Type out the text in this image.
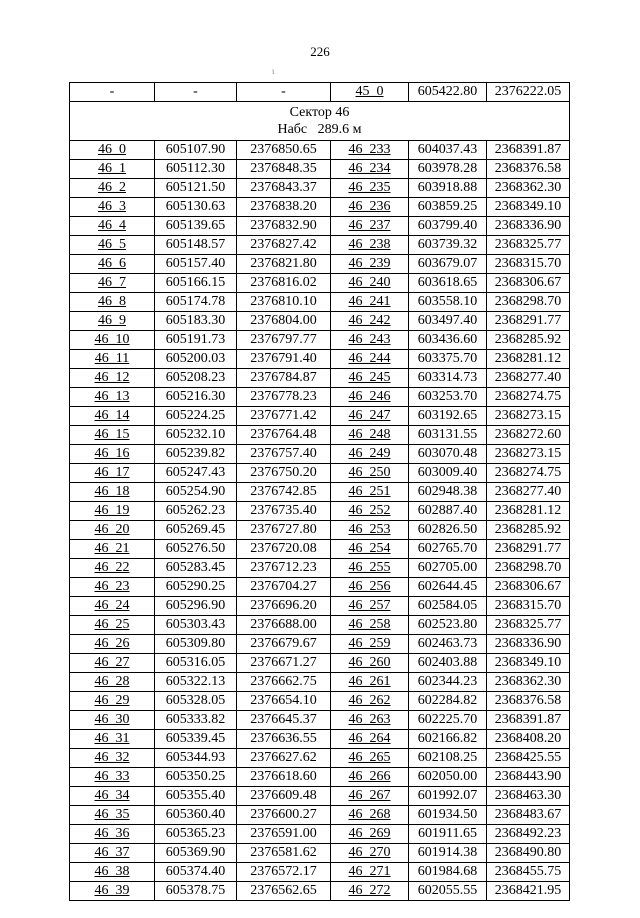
226
ι
-	-	-	45_0	605422.80	2376222.05

Сектор 46
Набс 289.6 м					

46_0	605107.90	2376850.65	46_233	604037.43	2368391.87
46_1	605112.30	2376848.35	46_234	603978.28	2368376.58
46_2	605121.50	2376843.37	46_235	603918.88	2368362.30
46_3	605130.63	2376838.20	46_236	603859.25	2368349.10
46_4	605139.65	2376832.90	46_237	603799.40	2368336.90
46_5	605148.57	2376827.42	46_238	603739.32	2368325.77
46_6	605157.40	2376821.80	46_239	603679.07	2368315.70
46_7	605166.15	2376816.02	46_240	603618.65	2368306.67
46_8	605174.78	2376810.10	46_241	603558.10	2368298.70
46_9	605183.30	2376804.00	46_242	603497.40	2368291.77
46_10	605191.73	2376797.77	46_243	603436.60	2368285.92
46_11	605200.03	2376791.40	46_244	603375.70	2368281.12
46_12	605208.23	2376784.87	46_245	603314.73	2368277.40
46_13	605216.30	2376778.23	46_246	603253.70	2368274.75
46_14	605224.25	2376771.42	46_247	603192.65	2368273.15
46_15	605232.10	2376764.48	46_248	603131.55	2368272.60
46_16	605239.82	2376757.40	46_249	603070.48	2368273.15
46_17	605247.43	2376750.20	46_250	603009.40	2368274.75
46_18	605254.90	2376742.85	46_251	602948.38	2368277.40
46_19	605262.23	2376735.40	46_252	602887.40	2368281.12
46_20	605269.45	2376727.80	46_253	602826.50	2368285.92
46_21	605276.50	2376720.08	46_254	602765.70	2368291.77
46_22	605283.45	2376712.23	46_255	602705.00	2368298.70
46_23	605290.25	2376704.27	46_256	602644.45	2368306.67
46_24	605296.90	2376696.20	46_257	602584.05	2368315.70
46_25	605303.43	2376688.00	46_258	602523.80	2368325.77
46_26	605309.80	2376679.67	46_259	602463.73	2368336.90
46_27	605316.05	2376671.27	46_260	602403.88	2368349.10
46_28	605322.13	2376662.75	46_261	602344.23	2368362.30
46_29	605328.05	2376654.10	46_262	602284.82	2368376.58
46_30	605333.82	2376645.37	46_263	602225.70	2368391.87
46_31	605339.45	2376636.55	46_264	602166.82	2368408.20
46_32	605344.93	2376627.62	46_265	602108.25	2368425.55
46_33	605350.25	2376618.60	46_266	602050.00	2368443.90
46_34	605355.40	2376609.48	46_267	601992.07	2368463.30
46_35	605360.40	2376600.27	46_268	601934.50	2368483.67
46_36	605365.23	2376591.00	46_269	601911.65	2368492.23
46_37	605369.90	2376581.62	46_270	601914.38	2368490.80
46_38	605374.40	2376572.17	46_271	601984.68	2368455.75
46_39	605378.75	2376562.65	46_272	602055.55	2368421.95
